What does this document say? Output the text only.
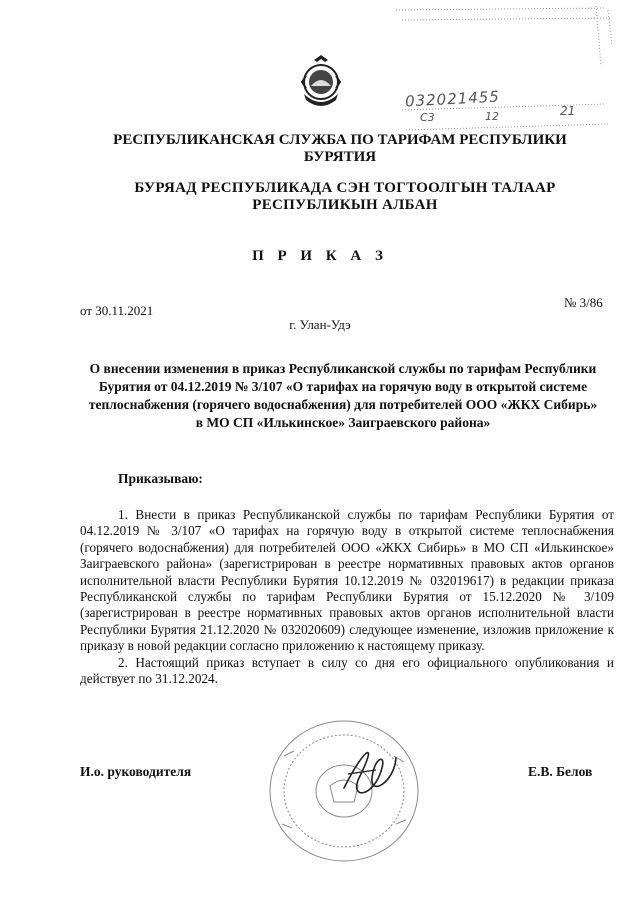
032021455
С3	12	21
РЕСПУБЛИКАНСКАЯ СЛУЖБА ПО ТАРИФАМ РЕСПУБЛИКИ БУРЯТИЯ
БУРЯАД РЕСПУБЛИКАДА СЭН ТОГТООЛГЫН ТАЛААР РЕСПУБЛИКЫН АЛБАН
П Р И К А З
от 30.11.2021
№ 3/86
г. Улан-Удэ
О внесении изменения в приказ Республиканской службы по тарифам Республики Бурятия от 04.12.2019 № 3/107 «О тарифах на горячую воду в открытой системе теплоснабжения (горячего водоснабжения) для потребителей ООО «ЖКХ Сибирь» в МО СП «Илькинское» Заиграевского района»
Приказываю:

1. Внести в приказ Республиканской службы по тарифам Республики Бурятия от 04.12.2019 № 3/107 «О тарифах на горячую воду в открытой системе теплоснабжения (горячего водоснабжения) для потребителей ООО «ЖКХ Сибирь» в МО СП «Илькинское» Заиграевского района» (зарегистрирован в реестре нормативных правовых актов органов исполнительной власти Республики Бурятия 10.12.2019 № 032019617) в редакции приказа Республиканской службы по тарифам Республики Бурятия от 15.12.2020 № 3/109 (зарегистрирован в реестре нормативных правовых актов органов исполнительной власти Республики Бурятия 21.12.2020 № 032020609) следующее изменение, изложив приложение к приказу в новой редакции согласно приложению к настоящему приказу.

2. Настоящий приказ вступает в силу со дня его официального опубликования и действует по 31.12.2024.

И.о. руководителя	Е.В. Белов
